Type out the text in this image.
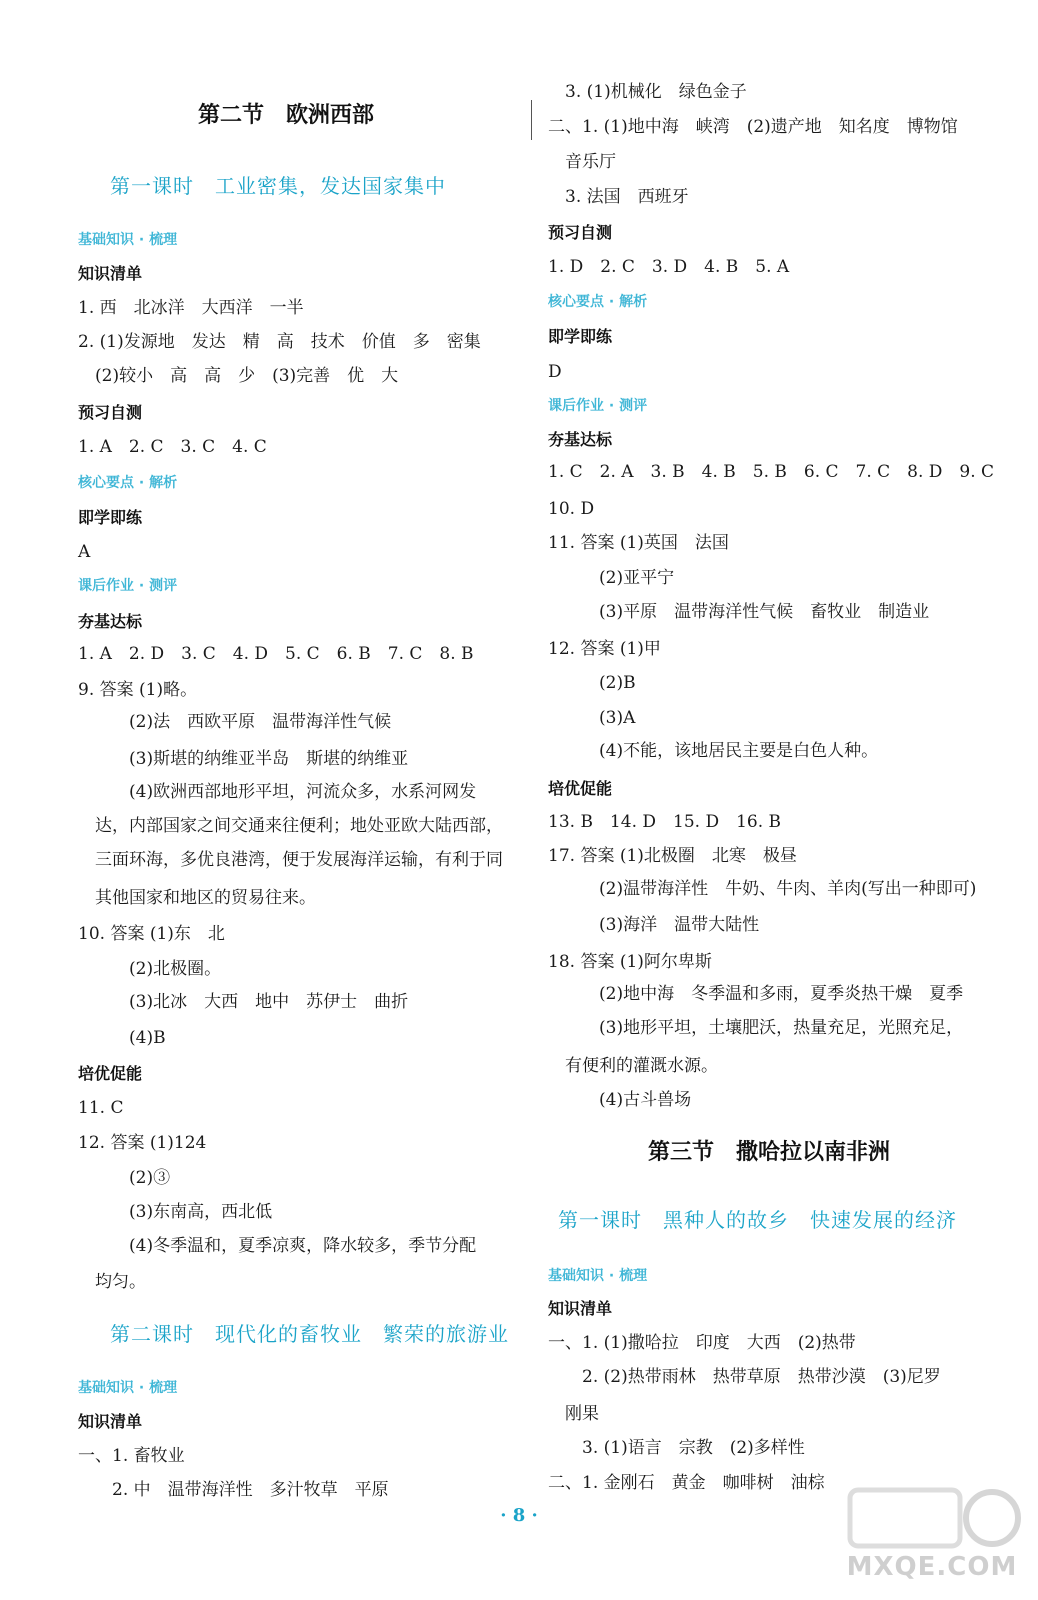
第二节　欧洲西部
第一课时　工业密集，发达国家集中
基础知识 · 梳理
知识清单
1. 西　北冰洋　大西洋　一半
2. (1)发源地　发达　精　高　技术　价值　多　密集
　(2)较小　高　高　少　(3)完善　优　大
预习自测
1. A　2. C　3. C　4. C
核心要点 · 解析
即学即练
A
课后作业 · 测评
夯基达标
1. A　2. D　3. C　4. D　5. C　6. B　7. C　8. B
9. 答案 (1)略。
　　　(2)法　西欧平原　温带海洋性气候
　　　(3)斯堪的纳维亚半岛　斯堪的纳维亚
　　　(4)欧洲西部地形平坦，河流众多，水系河网发
　达，内部国家之间交通来往便利；地处亚欧大陆西部，
　三面环海，多优良港湾，便于发展海洋运输，有利于同
　其他国家和地区的贸易往来。
10. 答案 (1)东　北
　　　(2)北极圈。
　　　(3)北冰　大西　地中　苏伊士　曲折
　　　(4)B
培优促能
11. C
12. 答案 (1)124
　　　(2)③
　　　(3)东南高，西北低
　　　(4)冬季温和，夏季凉爽，降水较多，季节分配
　均匀。
第二课时　现代化的畜牧业　繁荣的旅游业
基础知识 · 梳理
知识清单
一、1. 畜牧业
　　2. 中　温带海洋性　多汁牧草　平原
　3. (1)机械化　绿色金子
二、1. (1)地中海　峡湾　(2)遗产地　知名度　博物馆
　音乐厅
　3. 法国　西班牙
预习自测
1. D　2. C　3. D　4. B　5. A
核心要点 · 解析
即学即练
D
课后作业 · 测评
夯基达标
1. C　2. A　3. B　4. B　5. B　6. C　7. C　8. D　9. C
10. D
11. 答案 (1)英国　法国
　　　(2)亚平宁
　　　(3)平原　温带海洋性气候　畜牧业　制造业
12. 答案 (1)甲
　　　(2)B
　　　(3)A
　　　(4)不能，该地居民主要是白色人种。
培优促能
13. B　14. D　15. D　16. B
17. 答案 (1)北极圈　北寒　极昼
　　　(2)温带海洋性　牛奶、牛肉、羊肉(写出一种即可)
　　　(3)海洋　温带大陆性
18. 答案 (1)阿尔卑斯
　　　(2)地中海　冬季温和多雨，夏季炎热干燥　夏季
　　　(3)地形平坦，土壤肥沃，热量充足，光照充足，
　有便利的灌溉水源。
　　　(4)古斗兽场
第三节　撒哈拉以南非洲
第一课时　黑种人的故乡　快速发展的经济
基础知识 · 梳理
知识清单
一、1. (1)撒哈拉　印度　大西　(2)热带
　　2. (2)热带雨林　热带草原　热带沙漠　(3)尼罗
　刚果
　　3. (1)语言　宗教　(2)多样性
二、1. 金刚石　黄金　咖啡树　油棕
· 8 ·
MXQE.COM
